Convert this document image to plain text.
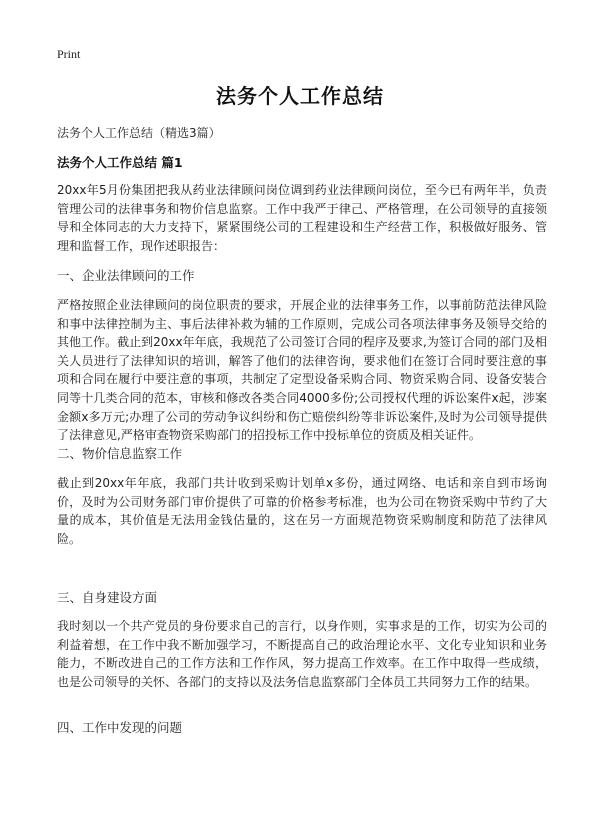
Print
法务个人工作总结
法务个人工作总结（精选3篇）
法务个人工作总结 篇1
20xx年5月份集团把我从药业法律顾问岗位调到药业法律顾问岗位，至今已有两年半，负责管理公司的法律事务和物价信息监察。工作中我严于律己、严格管理，在公司领导的直接领导和全体同志的大力支持下，紧紧围绕公司的工程建设和生产经营工作，积极做好服务、管理和监督工作，现作述职报告：
一、企业法律顾问的工作
严格按照企业法律顾问的岗位职责的要求，开展企业的法律事务工作，以事前防范法律风险和事中法律控制为主、事后法律补救为辅的工作原则，完成公司各项法律事务及领导交给的其他工作。截止到20xx年年底，我规范了公司签订合同的程序及要求,为签订合同的部门及相关人员进行了法律知识的培训，解答了他们的法律咨询，要求他们在签订合同时要注意的事项和合同在履行中要注意的事项，共制定了定型设备采购合同、物资采购合同、设备安装合同等十几类合同的范本，审核和修改各类合同4000多份;公司授权代理的诉讼案件x起，涉案金额x多万元;办理了公司的劳动争议纠纷和伤亡赔偿纠纷等非诉讼案件,及时为公司领导提供了法律意见,严格审查物资采购部门的招投标工作中投标单位的资质及相关证件。
二、物价信息监察工作
截止到20xx年年底，我部门共计收到采购计划单x多份，通过网络、电话和亲自到市场询价，及时为公司财务部门审价提供了可靠的价格参考标准，也为公司在物资采购中节约了大量的成本，其价值是无法用金钱估量的，这在另一方面规范物资采购制度和防范了法律风险。
三、自身建设方面
我时刻以一个共产党员的身份要求自己的言行，以身作则，实事求是的工作，切实为公司的利益着想，在工作中我不断加强学习，不断提高自己的政治理论水平、文化专业知识和业务能力，不断改进自己的工作方法和工作作风，努力提高工作效率。在工作中取得一些成绩，也是公司领导的关怀、各部门的支持以及法务信息监察部门全体员工共同努力工作的结果。
四、工作中发现的问题
